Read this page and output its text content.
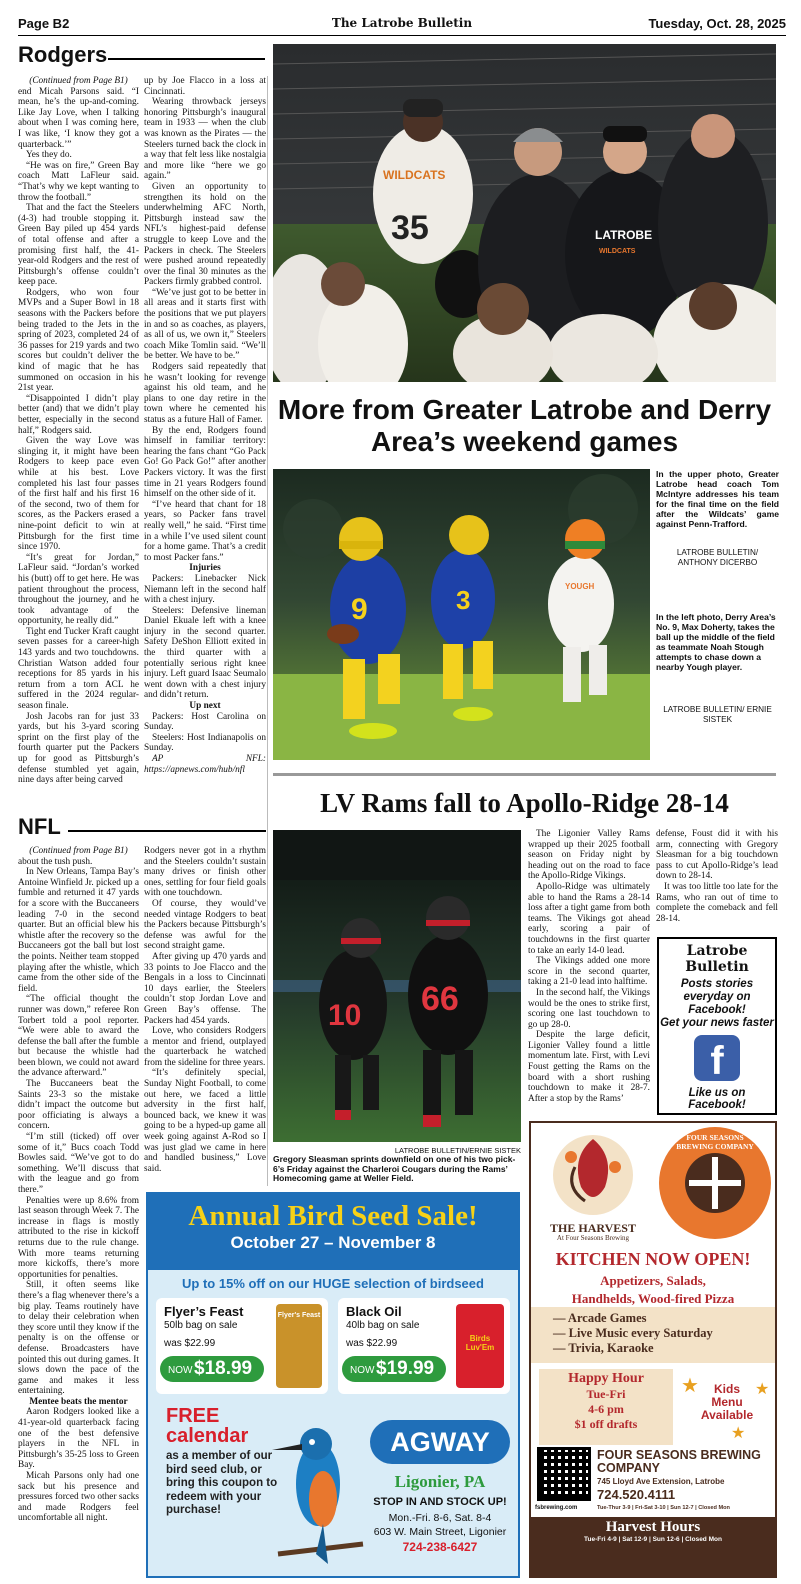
Page B2	The Latrobe Bulletin	Tuesday, Oct. 28, 2025
Rodgers

(Continued from Page B1)

end Micah Parsons said. “I mean, he’s the up-and-coming. Like Jay Love, when I talking about when I was coming here, I was like, ‘I know they got a quarterback.’”

Yes they do.

“He was on fire,” Green Bay coach Matt LaFleur said. “That’s why we kept wanting to throw the football.”

That and the fact the Steelers (4-3) had trouble stopping it. Green Bay piled up 454 yards of total offense and after a promising first half, the 41-year-old Rodgers and the rest of Pittsburgh’s offense couldn’t keep pace.

Rodgers, who won four MVPs and a Super Bowl in 18 seasons with the Packers before being traded to the Jets in the spring of 2023, completed 24 of 36 passes for 219 yards and two scores but couldn’t deliver the kind of magic that he has summoned on occasion in his 21st year.

“Disappointed I didn’t play better (and) that we didn’t play better, especially in the second half,” Rodgers said.

Given the way Love was slinging it, it might have been Rodgers to keep pace even while at his best. Love completed his last four passes of the first half and his first 16 of the second, two of them for scores, as the Packers erased a nine-point deficit to win at Pittsburgh for the first time since 1970.

“It’s great for Jordan,” LaFleur said. “Jordan’s worked his (butt) off to get here. He was patient throughout the process, throughout the journey, and he took advantage of the opportunity, he really did.”

Tight end Tucker Kraft caught seven passes for a career-high 143 yards and two touchdowns. Christian Watson added four receptions for 85 yards in his return from a torn ACL he suffered in the 2024 regular-season finale.

Josh Jacobs ran for just 33 yards, but his 3-yard scoring sprint on the first play of the fourth quarter put the Packers up for good as Pittsburgh’s defense stumbled yet again, nine days after being carved

up by Joe Flacco in a loss at Cincinnati.

Wearing throwback jerseys honoring Pittsburgh’s inaugural team in 1933 — when the club was known as the Pirates — the Steelers turned back the clock in a way that felt less like nostalgia and more like “here we go again.”

Given an opportunity to strengthen its hold on the underwhelming AFC North, Pittsburgh instead saw the NFL’s highest-paid defense struggle to keep Love and the Packers in check. The Steelers were pushed around repeatedly over the final 30 minutes as the Packers firmly grabbed control.

“We’ve just got to be better in all areas and it starts first with the positions that we put players in and so as coaches, as players, as all of us, we own it,” Steelers coach Mike Tomlin said. “We’ll be better. We have to be.”

Rodgers said repeatedly that he wasn’t looking for revenge against his old team, and he plans to one day retire in the town where he cemented his status as a future Hall of Famer.

By the end, Rodgers found himself in familiar territory: hearing the fans chant “Go Pack Go! Go Pack Go!” after another Packers victory. It was the first time in 21 years Rodgers found himself on the other side of it.

“I’ve heard that chant for 18 years, so Packer fans travel really well,” he said. “First time in a while I’ve used silent count for a home game. That’s a credit to most Packer fans.”

Injuries

Packers: Linebacker Nick Niemann left in the second half with a chest injury.

Steelers: Defensive lineman Daniel Ekuale left with a knee injury in the second quarter. Safety DeShon Elliott exited in the third quarter with a potentially serious right knee injury. Left guard Isaac Seumalo went down with a chest injury and didn’t return.

Up next

Packers: Host Carolina on Sunday.

Steelers: Host Indianapolis on Sunday.

AP NFL: https://apnews.com/hub/nfl

NFL

(Continued from Page B1)

about the tush push.

In New Orleans, Tampa Bay’s Antoine Winfield Jr. picked up a fumble and returned it 47 yards for a score with the Buccaneers leading 7-0 in the second quarter. But an official blew his whistle after the recovery so the Buccaneers got the ball but lost the points. Neither team stopped playing after the whistle, which came from the other side of the field.

“The official thought the runner was down,” referee Ron Torbert told a pool reporter. “We were able to award the defense the ball after the fumble but because the whistle had been blown, we could not award the advance afterward.”

The Buccaneers beat the Saints 23-3 so the mistake didn’t impact the outcome but poor officiating is always a concern.

“I’m still (ticked) off over some of it,” Bucs coach Todd Bowles said. “We’ve got to do something. We’ll discuss that with the league and go from there.”

Penalties were up 8.6% from last season through Week 7. The increase in flags is mostly attributed to the rise in kickoff returns due to the rule change. With more teams returning more kickoffs, there’s more opportunities for penalties.

Still, it often seems like there’s a flag whenever there’s a big play. Teams routinely have to delay their celebration when they score until they know if the penalty is on the offense or defense. Broadcasters have pointed this out during games. It slows down the pace of the game and makes it less entertaining.

Mentee beats the mentor

Aaron Rodgers looked like a 41-year-old quarterback facing one of the best defensive players in the NFL in Pittsburgh’s 35-25 loss to Green Bay.

Micah Parsons only had one sack but his presence and pressures forced two other sacks and made Rodgers feel uncomfortable all night.

Rodgers never got in a rhythm and the Steelers couldn’t sustain many drives or finish other ones, settling for four field goals with one touchdown.

Of course, they would’ve needed vintage Rodgers to beat the Packers because Pittsburgh’s defense was awful for the second straight game.

After giving up 470 yards and 33 points to Joe Flacco and the Bengals in a loss to Cincinnati 10 days earlier, the Steelers couldn’t stop Jordan Love and Green Bay’s offense. The Packers had 454 yards.

Love, who considers Rodgers a mentor and friend, outplayed the quarterback he watched from the sideline for three years.

“It’s definitely special, Sunday Night Football, to come out here, we faced a little adversity in the first half, bounced back, we knew it was going to be a hyped-up game all week going against A-Rod so I was just glad we came in here and handled business,” Love said.

WILDCATS
35	LATROBE
WILDCATS
More from Greater Latrobe and Derry Area’s weekend games
9	3	YOUGH
In the upper photo, Greater Latrobe head coach Tom McIntyre addresses his team for the final time on the field after the Wildcats’ game against Penn-Trafford.
LATROBE BULLETIN/ ANTHONY DICERBO
In the left photo, Derry Area’s No. 9, Max Doherty, takes the ball up the middle of the field as teammate Noah Stough attempts to chase down a nearby Yough player.
LATROBE BULLETIN/ ERNIE SISTEK
LV Rams fall to Apollo-Ridge 28-14
10 66
LATROBE BULLETIN/ERNIE SISTEK
Gregory Sleasman sprints downfield on one of his two pick-6’s Friday against the Charleroi Cougars during the Rams’ Homecoming game at Weller Field.

The Ligonier Valley Rams wrapped up their 2025 football season on Friday night by heading out on the road to face the Apollo-Ridge Vikings.

Apollo-Ridge was ultimately able to hand the Rams a 28-14 loss after a tight game from both teams. The Vikings got ahead early, scoring a pair of touchdowns in the first quarter to take an early 14-0 lead.

The Vikings added one more score in the second quarter, taking a 21-0 lead into halftime.

In the second half, the Vikings would be the ones to strike first, scoring one last touchdown to go up 28-0.

Despite the large deficit, Ligonier Valley found a little momentum late. First, with Levi Foust getting the Rams on the board with a short rushing touchdown to make it 28-7. After a stop by the Rams’

defense, Foust did it with his arm, connecting with Gregory Sleasman for a big touchdown pass to cut Apollo-Ridge’s lead down to 28-14.

It was too little too late for the Rams, who ran out of time to complete the comeback and fell 28-14.

Latrobe Bulletin
Posts stories everyday on Facebook!
Get your news faster
f
Like us on Facebook!
Annual Bird Seed Sale!
October 27 – November 8
Up to 15% off on our HUGE selection of birdseed
Flyer’s Feast
50lb bag on sale
was $22.99
NOW $18.99
Flyer's Feast Black Oil
40lb bag on sale
was $22.99
NOW $19.99
Birds Luv'Em
FREE
calendar
as a member of our bird seed club, or bring this coupon to redeem with your purchase!
AGWAY
Ligonier, PA
STOP IN AND STOCK UP!
Mon.-Fri. 8-6, Sat. 8-4
603 W. Main Street, Ligonier
724-238-6427
THE HARVEST
At Four Seasons Brewing
FOUR SEASONS BREWING COMPANY
KITCHEN NOW OPEN!
Appetizers, Salads,
Handhelds, Wood-fired Pizza
— Arcade Games
— Live Music every Saturday
— Trivia, Karaoke
Happy Hour
Tue-Fri
4-6 pm
$1 off drafts
★	★
★
Kids Menu Available
FOUR SEASONS BREWING COMPANY
745 Lloyd Ave Extension, Latrobe
724.520.4111
fsbrewing.com	Tue-Thur 3-9 | Fri-Sat 3-10 | Sun 12-7 | Closed Mon
Harvest Hours
Tue-Fri 4-9 | Sat 12-9 | Sun 12-6 | Closed Mon
